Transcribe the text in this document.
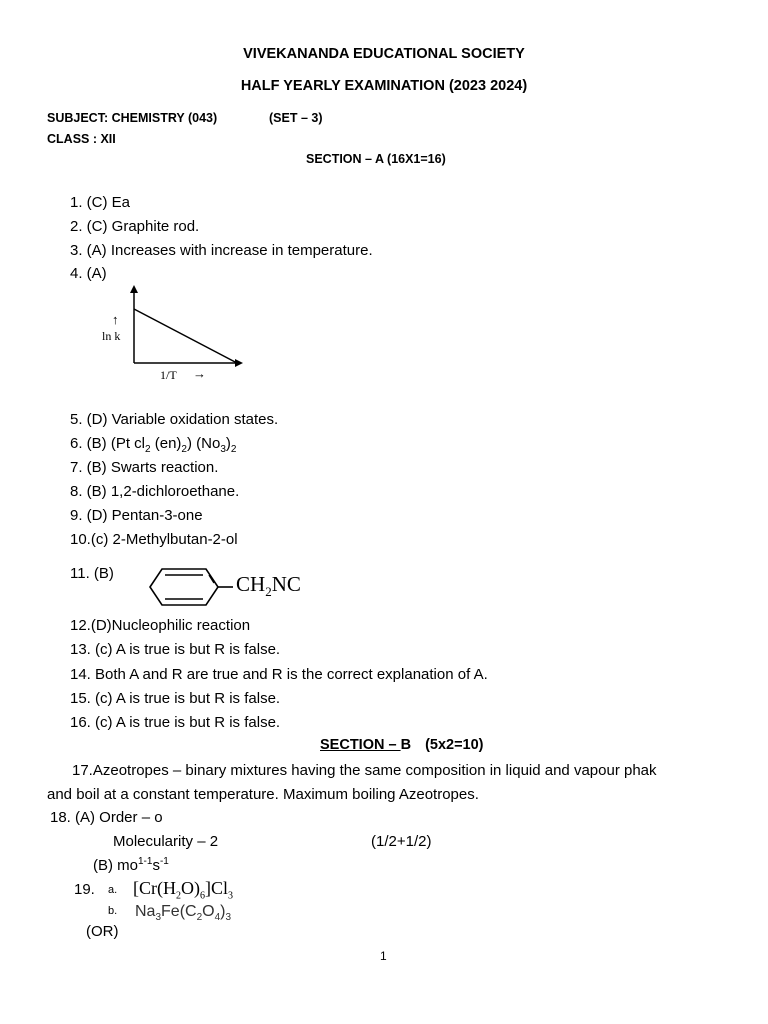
VIVEKANANDA EDUCATIONAL SOCIETY
HALF YEARLY EXAMINATION (2023 2024)
SUBJECT: CHEMISTRY (043)	(SET – 3)
CLASS : XII
SECTION – A (16X1=16)
1. (C) Ea
2. (C) Graphite rod.
3. (A) Increases with increase in temperature.
4. (A)
↑
ln k
1/T →
5. (D) Variable oxidation states.
6. (B) (Pt $cl_2$ $(en)_2$) $(No_3)_2$
7. (B) Swarts reaction.
8. (B) 1,2-dichloroethane.
9. (D) Pentan-3-one
10.(c) 2-Methylbutan-2-ol
11. (B)	$CH_2NC$
12.(D)Nucleophilic reaction
13. (c) A is true is but R is false.
14. Both A and R are true and R is the correct explanation of A.
15. (c) A is true is but R is false.
16. (c) A is true is but R is false.
SECTION – B (5x2=10)
17.Azeotropes – binary mixtures having the same composition in liquid and vapour phak
and boil at a constant temperature. Maximum boiling Azeotropes.
18. (A) Order – o
Molecularity – 2	(1/2+1/2)
(B) $mo^{1-1}s^{-1}$
19. a.
b.
$[Cr(H_2O)_6]Cl_3$
$Na_3Fe(C_2O_4)_3$
(OR)
1
